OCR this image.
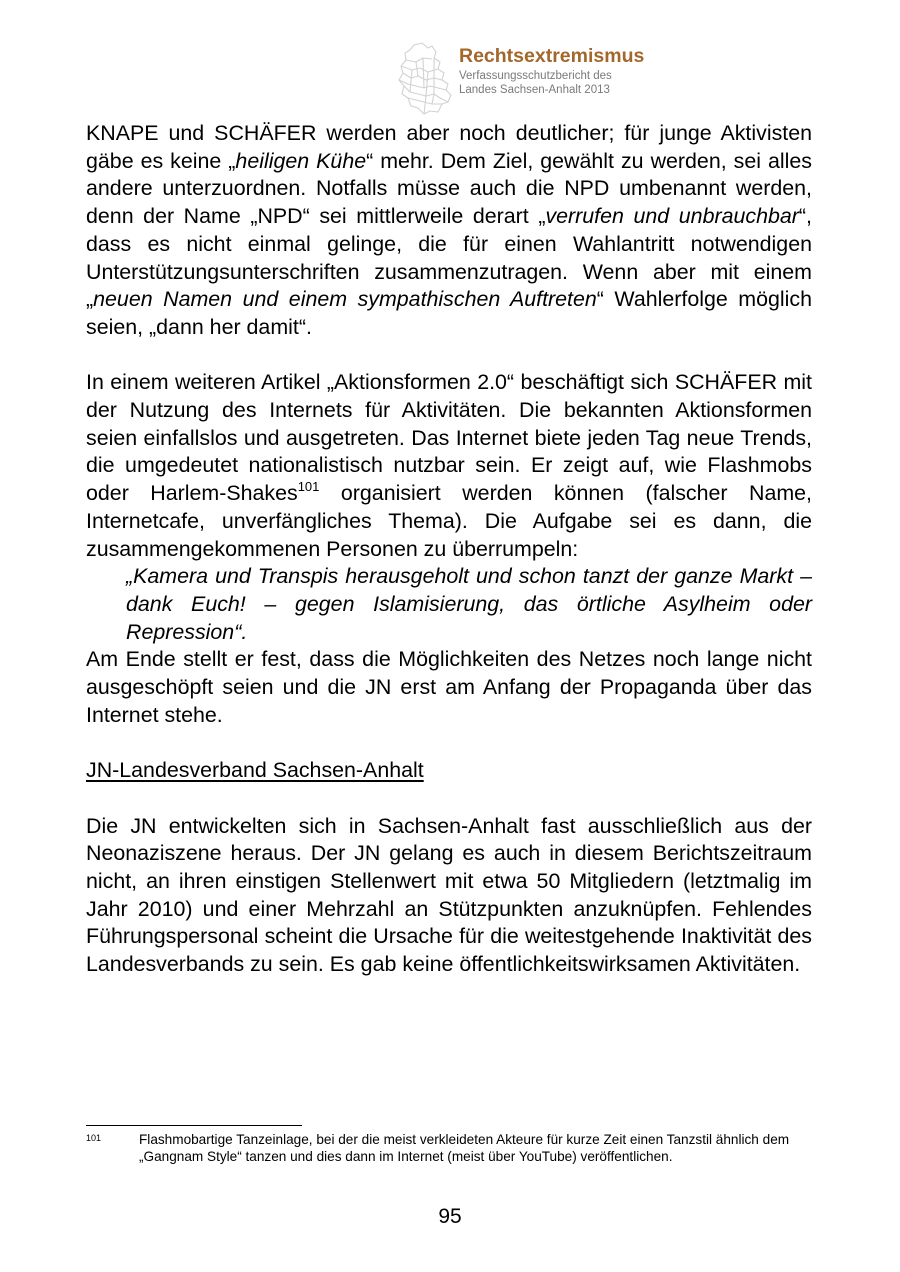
Rechtsextremismus
Verfassungsschutzbericht des
Landes Sachsen-Anhalt 2013

KNAPE und SCHÄFER werden aber noch deutlicher; für junge Aktivisten gäbe es keine „heiligen Kühe“ mehr. Dem Ziel, gewählt zu werden, sei alles andere unterzuordnen. Notfalls müsse auch die NPD umbenannt werden, denn der Name „NPD“ sei mittlerweile derart „verrufen und unbrauchbar“, dass es nicht einmal gelinge, die für einen Wahlantritt notwendigen Unterstützungsunterschriften zusammenzutragen. Wenn aber mit einem „neuen Namen und einem sympathischen Auftreten“ Wahlerfolge möglich seien, „dann her damit“.

In einem weiteren Artikel „Aktionsformen 2.0“ beschäftigt sich SCHÄFER mit der Nutzung des Internets für Aktivitäten. Die bekannten Aktionsformen seien einfallslos und ausgetreten. Das Internet biete jeden Tag neue Trends, die umgedeutet nationalistisch nutzbar sein. Er zeigt auf, wie Flashmobs oder Harlem-Shakes$^{101}$ organisiert werden können (falscher Name, Internetcafe, unverfängliches Thema). Die Aufgabe sei es dann, die zusammengekommenen Personen zu überrumpeln:

„Kamera und Transpis herausgeholt und schon tanzt der ganze Markt – dank Euch! – gegen Islamisierung, das örtliche Asylheim oder Repression“.

Am Ende stellt er fest, dass die Möglichkeiten des Netzes noch lange nicht ausgeschöpft seien und die JN erst am Anfang der Propaganda über das Internet stehe.

JN-Landesverband Sachsen-Anhalt

Die JN entwickelten sich in Sachsen-Anhalt fast ausschließlich aus der Neonaziszene heraus. Der JN gelang es auch in diesem Berichtszeitraum nicht, an ihren einstigen Stellenwert mit etwa 50 Mitgliedern (letztmalig im Jahr 2010) und einer Mehrzahl an Stützpunkten anzuknüpfen. Fehlendes Führungspersonal scheint die Ursache für die weitestgehende Inaktivität des Landesverbands zu sein. Es gab keine öffentlichkeitswirksamen Aktivitäten.

101	Flashmobartige Tanzeinlage, bei der die meist verkleideten Akteure für kurze Zeit einen Tanzstil ähnlich dem „Gangnam Style“ tanzen und dies dann im Internet (meist über YouTube) veröffentlichen.
95
